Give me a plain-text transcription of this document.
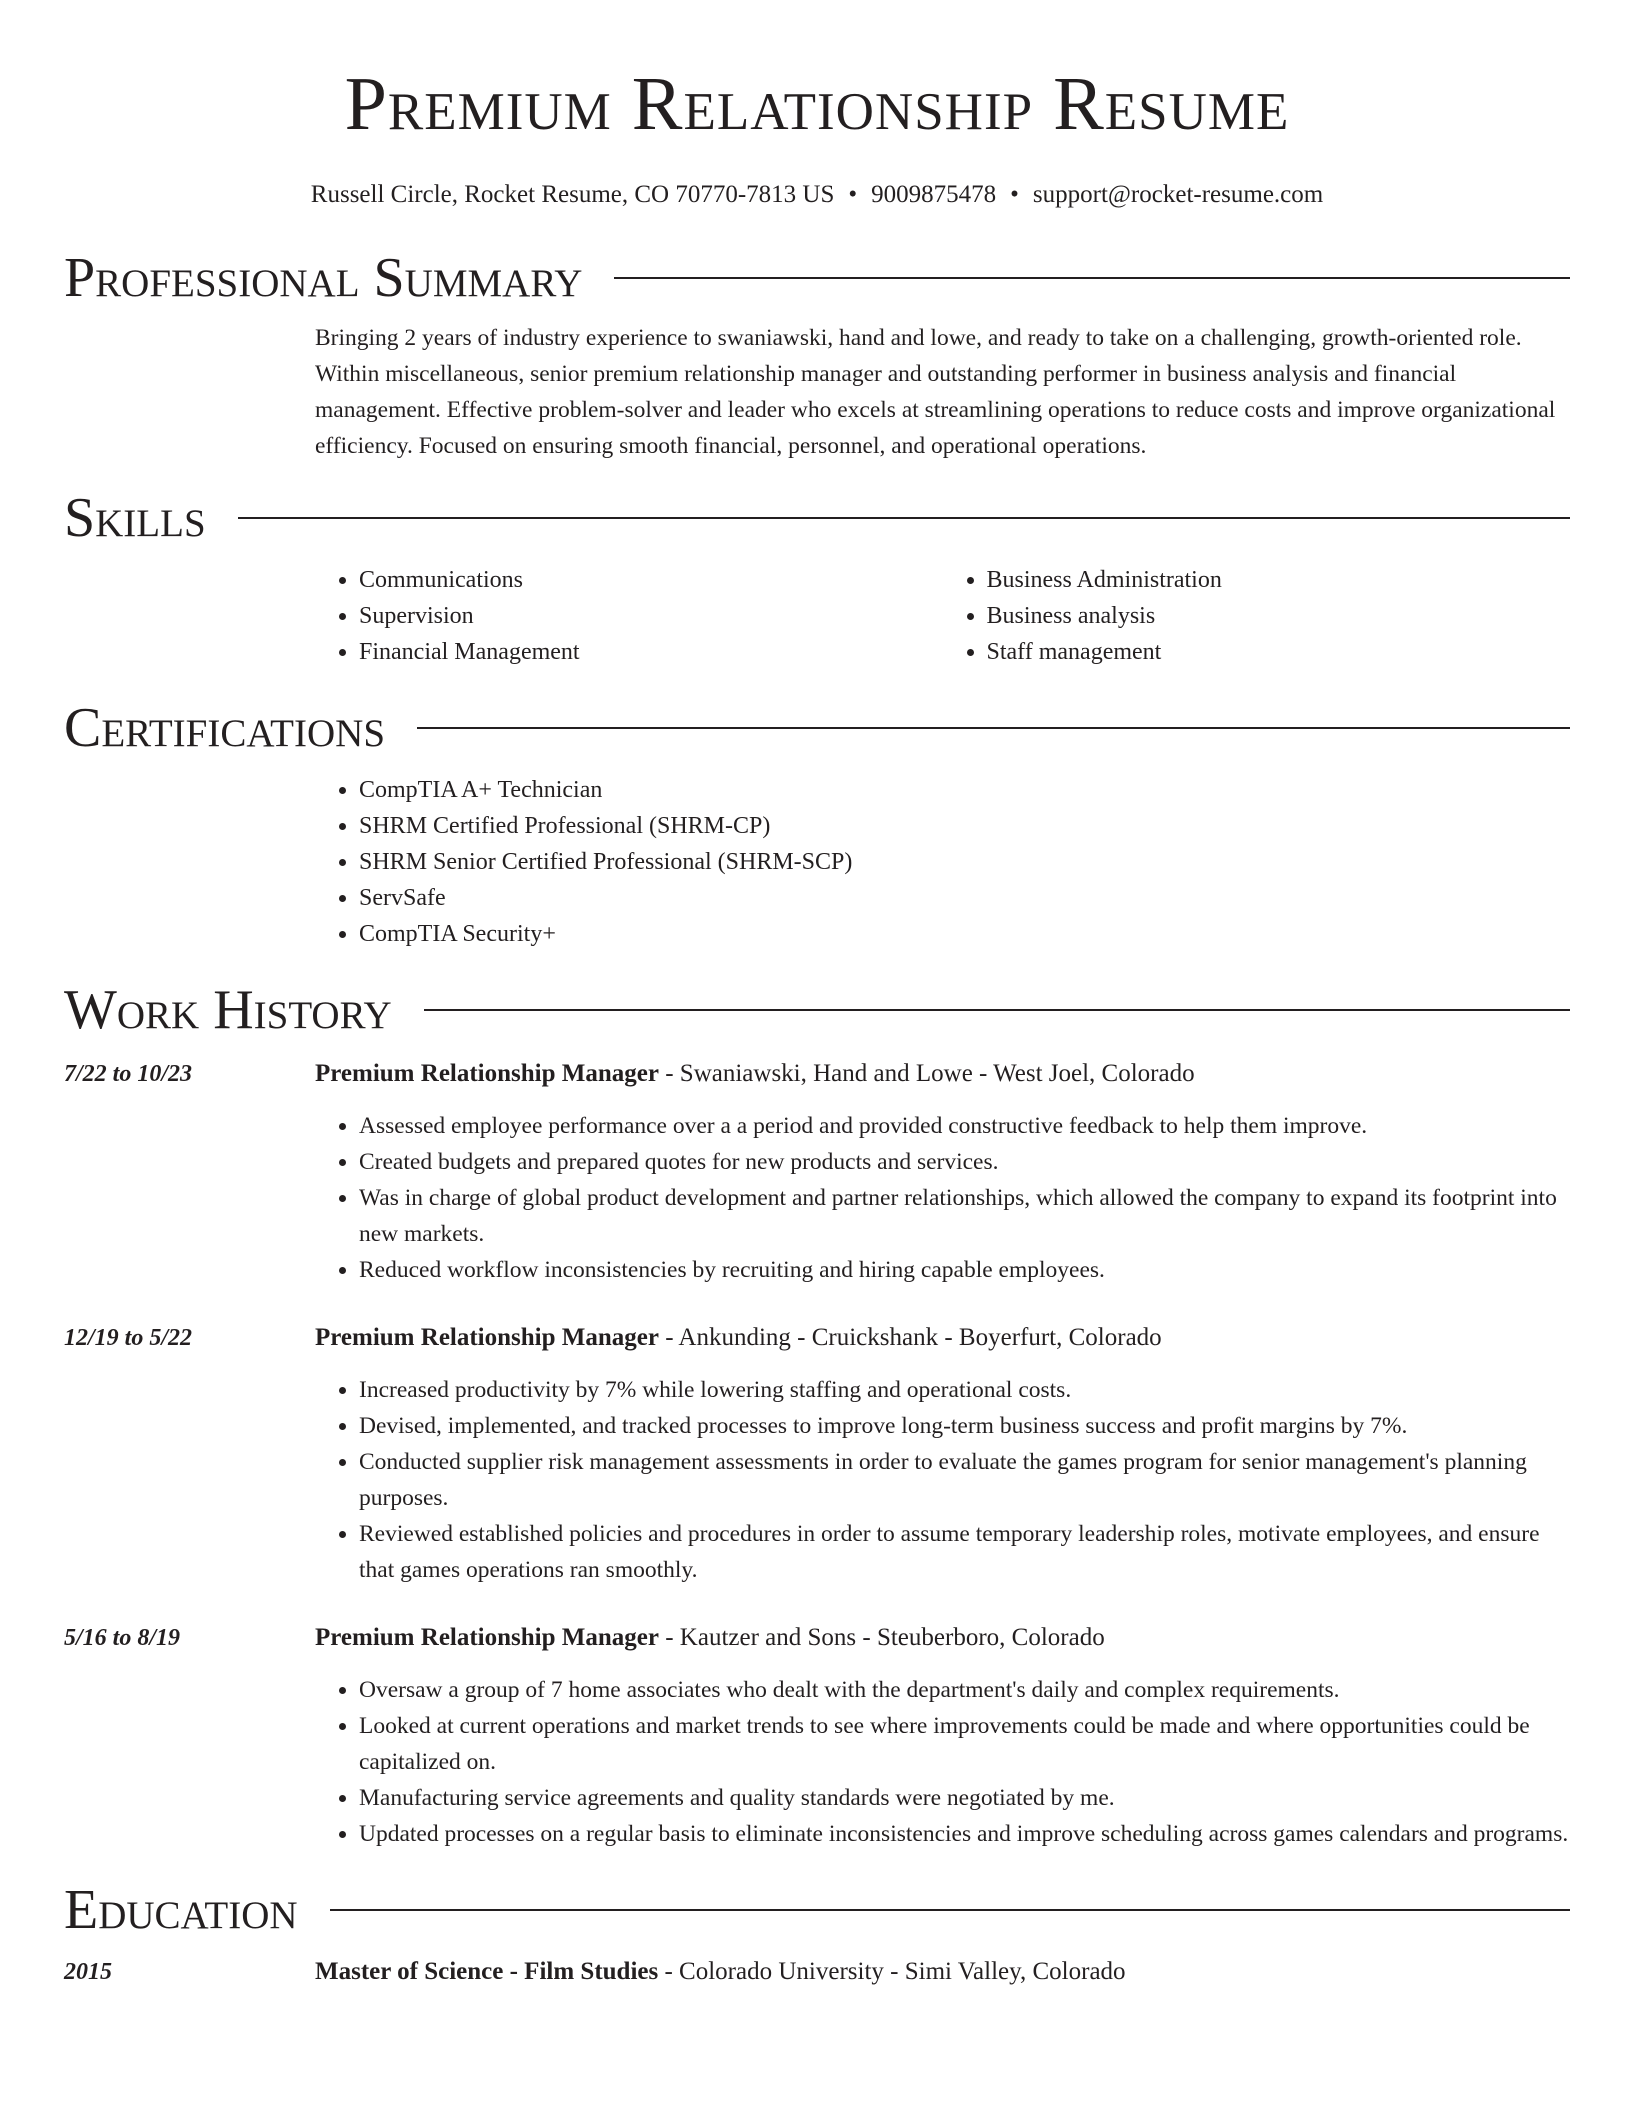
Premium Relationship Resume
Russell Circle, Rocket Resume, CO 70770-7813 US • 9009875478 • support@rocket-resume.com
Professional Summary
Bringing 2 years of industry experience to swaniawski, hand and lowe, and ready to take on a challenging, growth-oriented role. Within miscellaneous, senior premium relationship manager and outstanding performer in business analysis and financial management. Effective problem-solver and leader who excels at streamlining operations to reduce costs and improve organizational efficiency. Focused on ensuring smooth financial, personnel, and operational operations.
Skills
• Communications
• Supervision
• Financial Management
• Business Administration
• Business analysis
• Staff management
Certifications
• CompTIA A+ Technician
• SHRM Certified Professional (SHRM-CP)
• SHRM Senior Certified Professional (SHRM-SCP)
• ServSafe
• CompTIA Security+
Work History
7/22 to 10/23	Premium Relationship Manager - Swaniawski, Hand and Lowe - West Joel, Colorado
• Assessed employee performance over a a period and provided constructive feedback to help them improve.
• Created budgets and prepared quotes for new products and services.
• Was in charge of global product development and partner relationships, which allowed the company to expand its footprint into new markets.
• Reduced workflow inconsistencies by recruiting and hiring capable employees.
12/19 to 5/22	Premium Relationship Manager - Ankunding - Cruickshank - Boyerfurt, Colorado
• Increased productivity by 7% while lowering staffing and operational costs.
• Devised, implemented, and tracked processes to improve long-term business success and profit margins by 7%.
• Conducted supplier risk management assessments in order to evaluate the games program for senior management's planning purposes.
• Reviewed established policies and procedures in order to assume temporary leadership roles, motivate employees, and ensure that games operations ran smoothly.
5/16 to 8/19	Premium Relationship Manager - Kautzer and Sons - Steuberboro, Colorado
• Oversaw a group of 7 home associates who dealt with the department's daily and complex requirements.
• Looked at current operations and market trends to see where improvements could be made and where opportunities could be capitalized on.
• Manufacturing service agreements and quality standards were negotiated by me.
• Updated processes on a regular basis to eliminate inconsistencies and improve scheduling across games calendars and programs.
Education
2015	Master of Science - Film Studies - Colorado University - Simi Valley, Colorado
